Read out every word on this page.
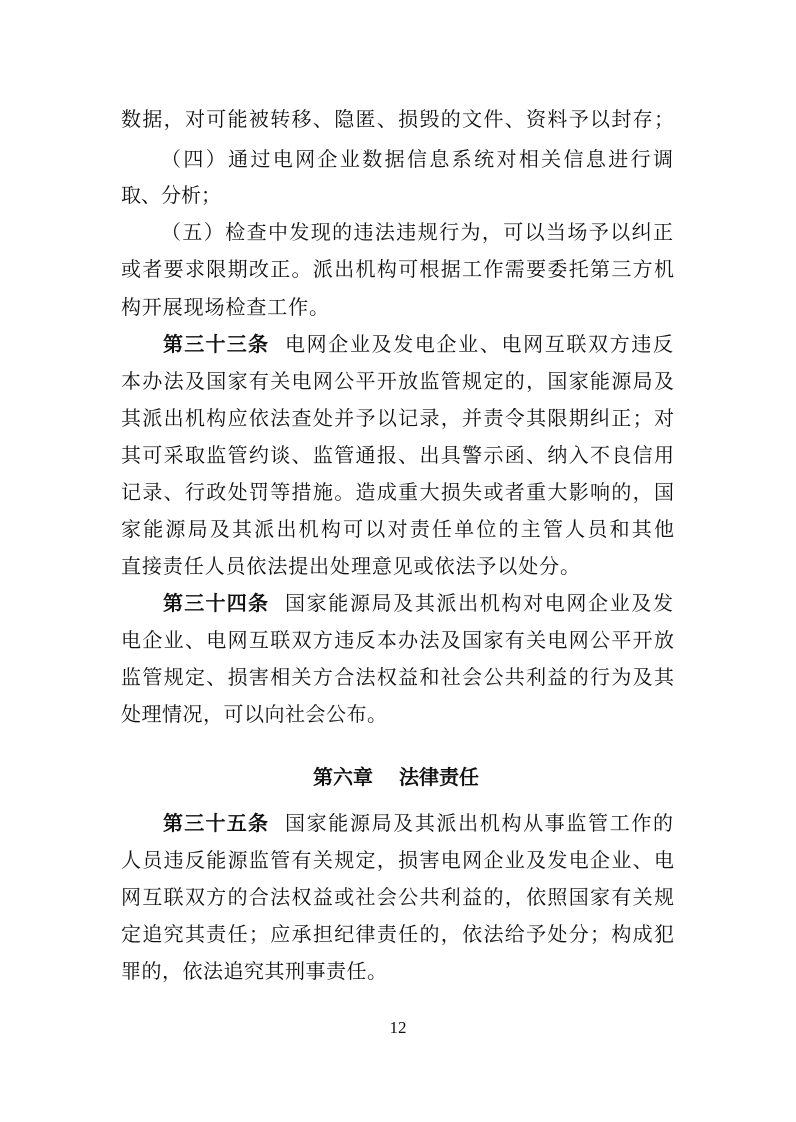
数据，对可能被转移、隐匿、损毁的文件、资料予以封存；
（四）通过电网企业数据信息系统对相关信息进行调
取、分析；
（五）检查中发现的违法违规行为，可以当场予以纠正
或者要求限期改正。派出机构可根据工作需要委托第三方机
构开展现场检查工作。
第三十三条 电网企业及发电企业、电网互联双方违反
本办法及国家有关电网公平开放监管规定的，国家能源局及
其派出机构应依法查处并予以记录，并责令其限期纠正；对
其可采取监管约谈、监管通报、出具警示函、纳入不良信用
记录、行政处罚等措施。造成重大损失或者重大影响的，国
家能源局及其派出机构可以对责任单位的主管人员和其他
直接责任人员依法提出处理意见或依法予以处分。
第三十四条 国家能源局及其派出机构对电网企业及发
电企业、电网互联双方违反本办法及国家有关电网公平开放
监管规定、损害相关方合法权益和社会公共利益的行为及其
处理情况，可以向社会公布。
第六章 法律责任
第三十五条 国家能源局及其派出机构从事监管工作的
人员违反能源监管有关规定，损害电网企业及发电企业、电
网互联双方的合法权益或社会公共利益的，依照国家有关规
定追究其责任；应承担纪律责任的，依法给予处分；构成犯
罪的，依法追究其刑事责任。
12
